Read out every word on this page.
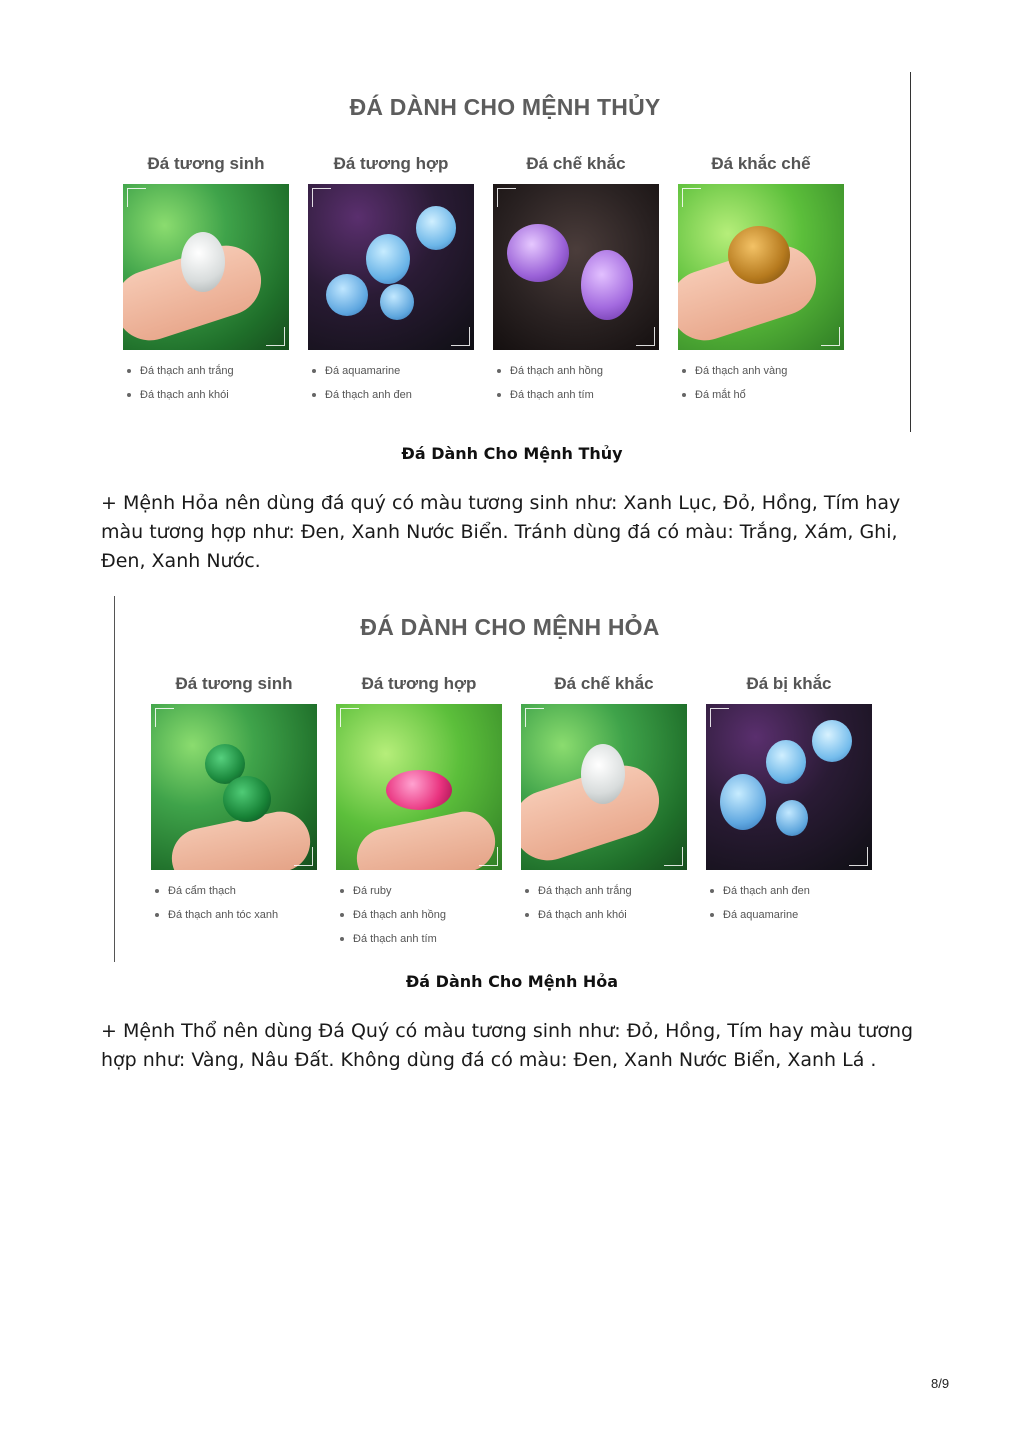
ĐÁ DÀNH CHO MỆNH THỦY
Đá tương sinh
Đá thạch anh trắng
Đá thạch anh khói
Đá tương hợp
Đá aquamarine
Đá thạch anh đen
Đá chế khắc
Đá thạch anh hồng
Đá thạch anh tím
Đá khắc chế
Đá thạch anh vàng
Đá mắt hổ
Đá Dành Cho Mệnh Thủy

+ Mệnh Hỏa nên dùng đá quý có màu tương sinh như: Xanh Lục, Đỏ, Hồng, Tím hay màu tương hợp như: Đen, Xanh Nước Biển. Tránh dùng đá có màu: Trắng, Xám, Ghi, Đen, Xanh Nước.

ĐÁ DÀNH CHO MỆNH HỎA
Đá tương sinh
Đá cẩm thạch
Đá thạch anh tóc xanh
Đá tương hợp
Đá ruby
Đá thạch anh hồng
Đá thạch anh tím
Đá chế khắc
Đá thạch anh trắng
Đá thạch anh khói
Đá bị khắc
Đá thạch anh đen
Đá aquamarine
Đá Dành Cho Mệnh Hỏa

+ Mệnh Thổ nên dùng Đá Quý có màu tương sinh như: Đỏ, Hồng, Tím hay màu tương hợp như: Vàng, Nâu Đất. Không dùng đá có màu: Đen, Xanh Nước Biển, Xanh Lá .

8/9
